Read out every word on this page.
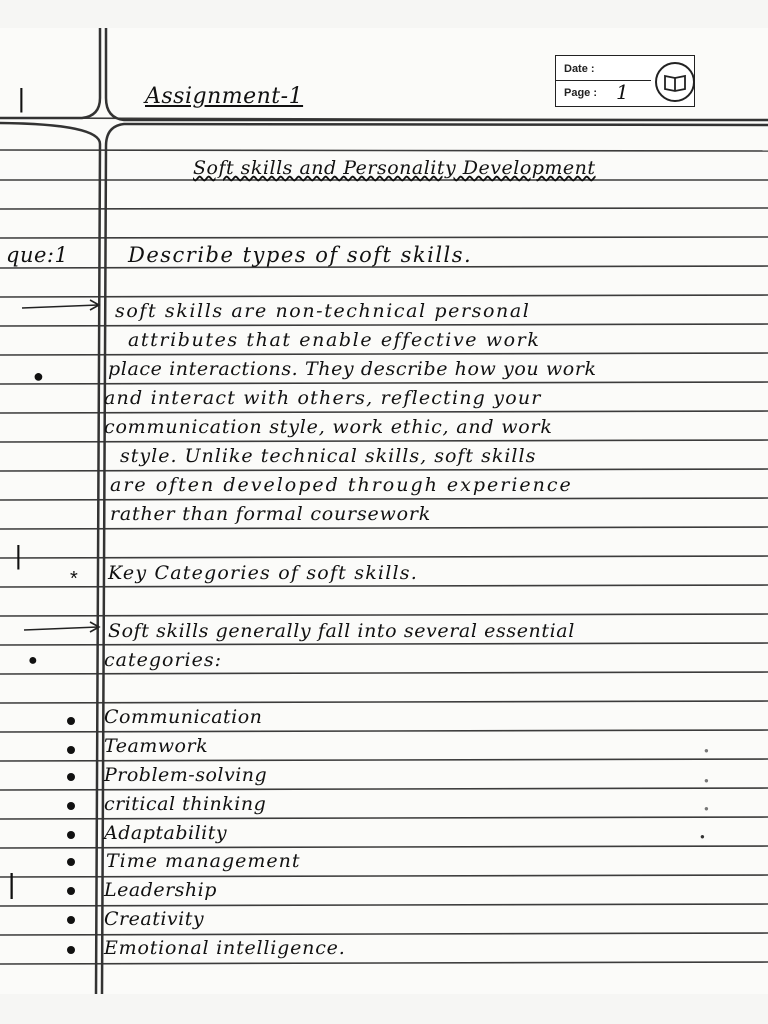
Date :
Page : 1
|	Assignment-1
Soft skills and Personality Development
que:1	Describe types of soft skills.
soft skills are non-technical personal
attributes that enable effective work
place interactions. They describe how you work
and interact with others, reflecting your
communication style, work ethic, and work
style. Unlike technical skills, soft skills
are often developed through experience
rather than formal coursework
●
|
* Key Categories of soft skills.
Soft skills generally fall into several essential
categories:
●
Communication
Teamwork
Problem-solving
critical thinking
Adaptability
Time management
Leadership
Creativity
Emotional intelligence.
|
●
●
●
●
